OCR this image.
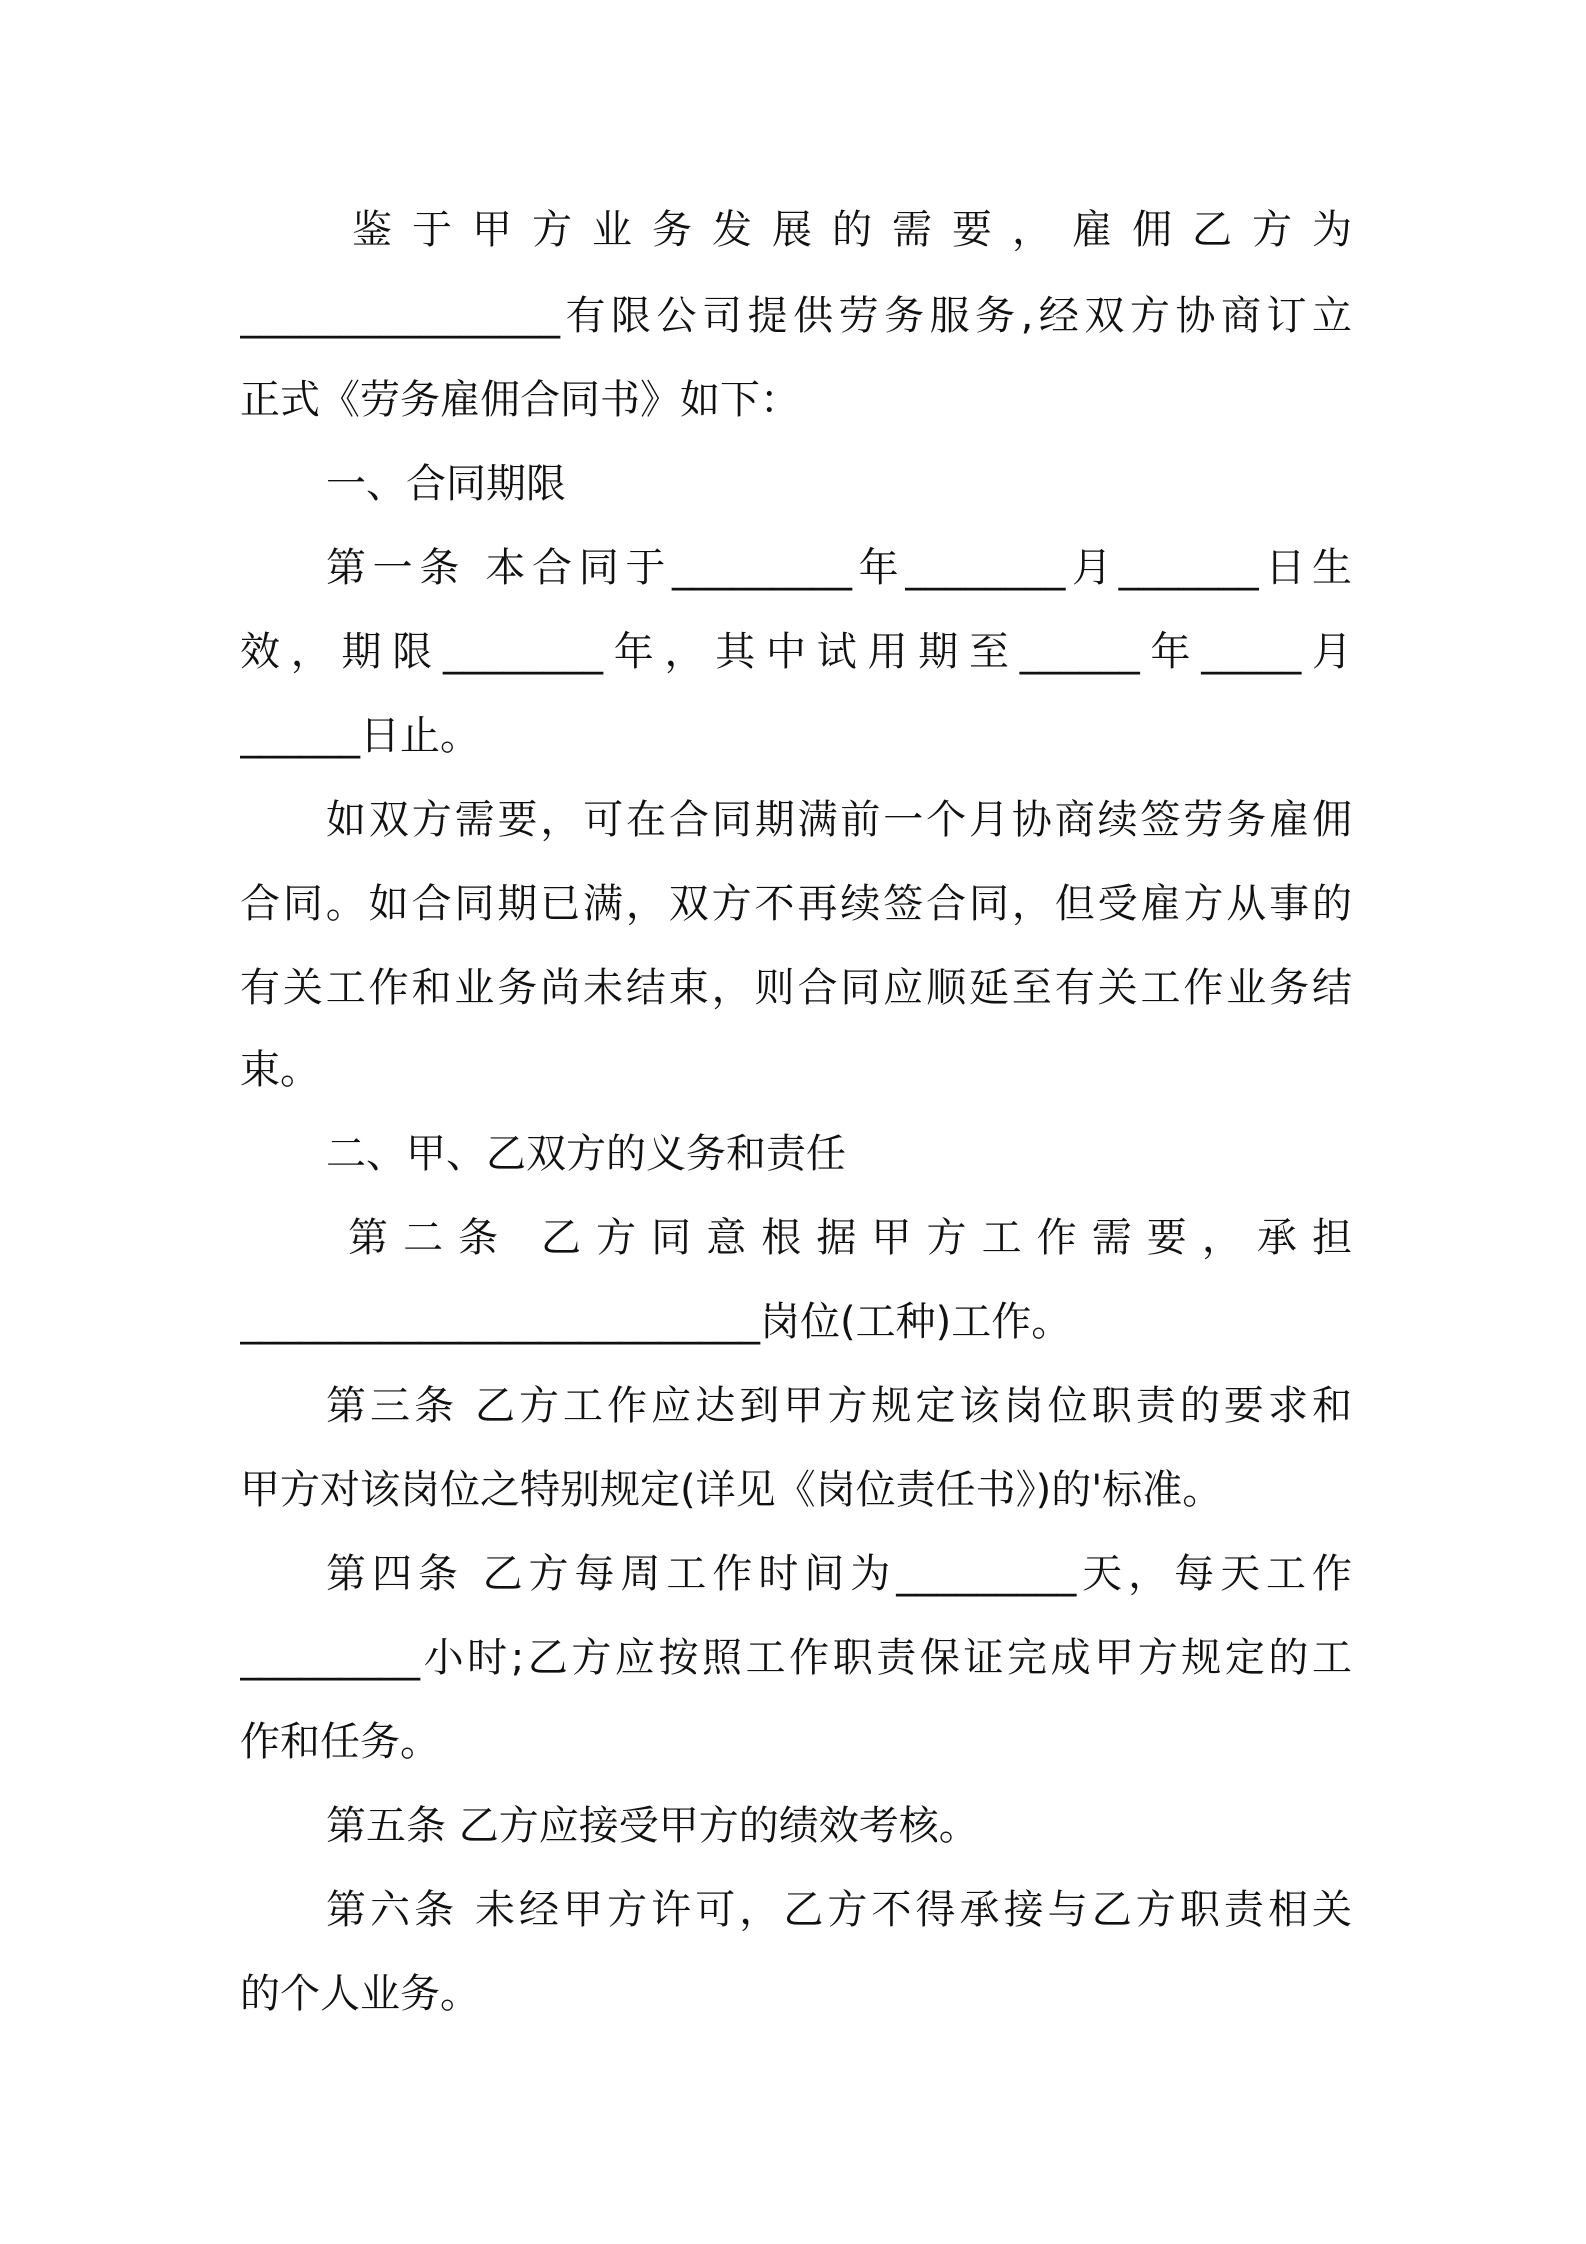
鉴于甲方业务发展的需要，雇佣乙方为

________________有限公司提供劳务服务,经双方协商订立

正式《劳务雇佣合同书》如下：

一、合同期限

第一条 本合同于_________年________月_______日生

效，期限________年，其中试用期至______年_____月

______日止。

如双方需要，可在合同期满前一个月协商续签劳务雇佣

合同。如合同期已满，双方不再续签合同，但受雇方从事的

有关工作和业务尚未结束，则合同应顺延至有关工作业务结

束。

二、甲、乙双方的义务和责任

第二条 乙方同意根据甲方工作需要，承担

__________________________岗位(工种)工作。

第三条 乙方工作应达到甲方规定该岗位职责的要求和

甲方对该岗位之特别规定(详见《岗位责任书》)的'标准。

第四条 乙方每周工作时间为_________天，每天工作

_________小时;乙方应按照工作职责保证完成甲方规定的工

作和任务。

第五条 乙方应接受甲方的绩效考核。

第六条 未经甲方许可，乙方不得承接与乙方职责相关

的个人业务。
